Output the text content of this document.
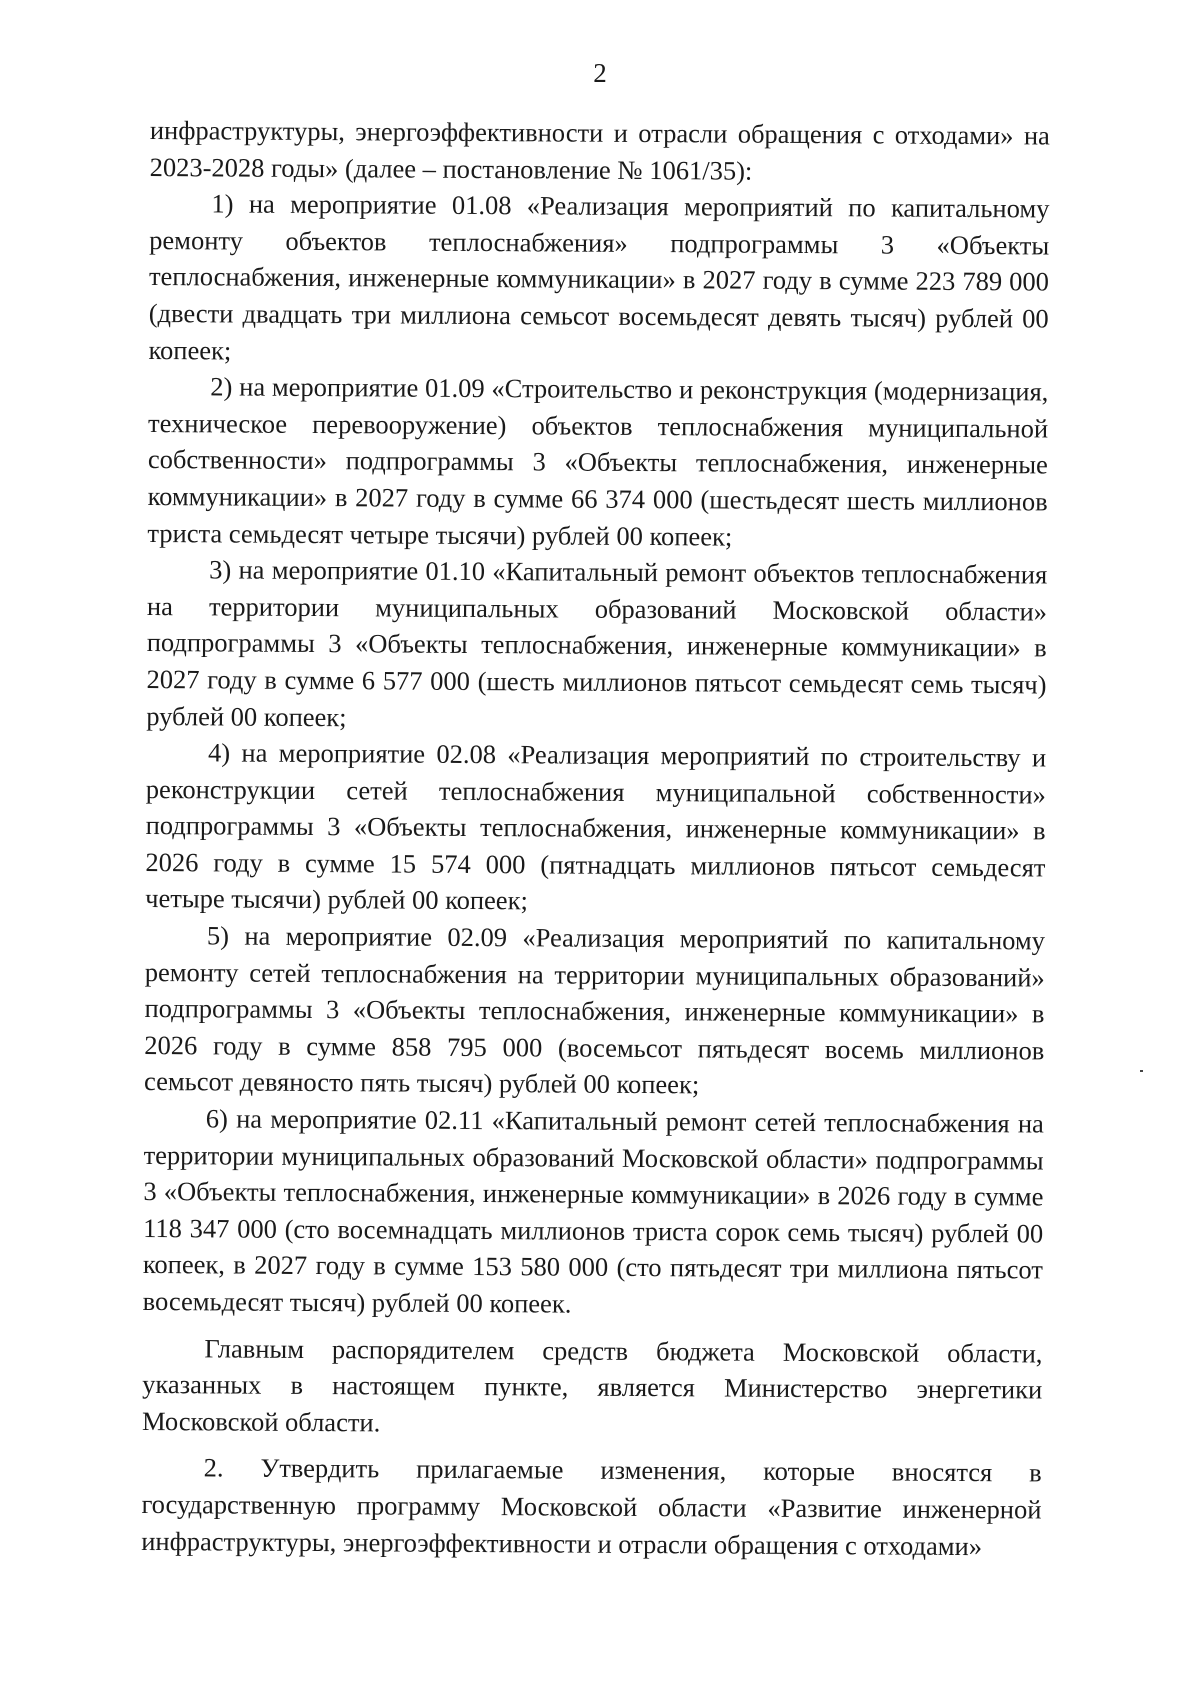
2

инфраструктуры, энергоэффективности и отрасли обращения с отходами» на 2023-2028 годы» (далее – постановление № 1061/35):

1) на мероприятие 01.08 «Реализация мероприятий по капитальному ремонту объектов теплоснабжения» подпрограммы 3 «Объекты теплоснабжения, инженерные коммуникации» в 2027 году в сумме 223 789 000 (двести двадцать три миллиона семьсот восемьдесят девять тысяч) рублей 00 копеек;

2) на мероприятие 01.09 «Строительство и реконструкция (модернизация, техническое перевооружение) объектов теплоснабжения муниципальной собственности» подпрограммы 3 «Объекты теплоснабжения, инженерные коммуникации» в 2027 году в сумме 66 374 000 (шестьдесят шесть миллионов триста семьдесят четыре тысячи) рублей 00 копеек;

3) на мероприятие 01.10 «Капитальный ремонт объектов теплоснабжения на территории муниципальных образований Московской области» подпрограммы 3 «Объекты теплоснабжения, инженерные коммуникации» в 2027 году в сумме 6 577 000 (шесть миллионов пятьсот семьдесят семь тысяч) рублей 00 копеек;

4) на мероприятие 02.08 «Реализация мероприятий по строительству и реконструкции сетей теплоснабжения муниципальной собственности» подпрограммы 3 «Объекты теплоснабжения, инженерные коммуникации» в 2026 году в сумме 15 574 000 (пятнадцать миллионов пятьсот семьдесят четыре тысячи) рублей 00 копеек;

5) на мероприятие 02.09 «Реализация мероприятий по капитальному ремонту сетей теплоснабжения на территории муниципальных образований» подпрограммы 3 «Объекты теплоснабжения, инженерные коммуникации» в 2026 году в сумме 858 795 000 (восемьсот пятьдесят восемь миллионов семьсот девяносто пять тысяч) рублей 00 копеек;

6) на мероприятие 02.11 «Капитальный ремонт сетей теплоснабжения на территории муниципальных образований Московской области» подпрограммы 3 «Объекты теплоснабжения, инженерные коммуникации» в 2026 году в сумме 118 347 000 (сто восемнадцать миллионов триста сорок семь тысяч) рублей 00 копеек, в 2027 году в сумме 153 580 000 (сто пятьдесят три миллиона пятьсот восемьдесят тысяч) рублей 00 копеек.

Главным распорядителем средств бюджета Московской области, указанных в настоящем пункте, является Министерство энергетики Московской области.

2. Утвердить прилагаемые изменения, которые вносятся в государственную программу Московской области «Развитие инженерной инфраструктуры, энергоэффективности и отрасли обращения с отходами»
